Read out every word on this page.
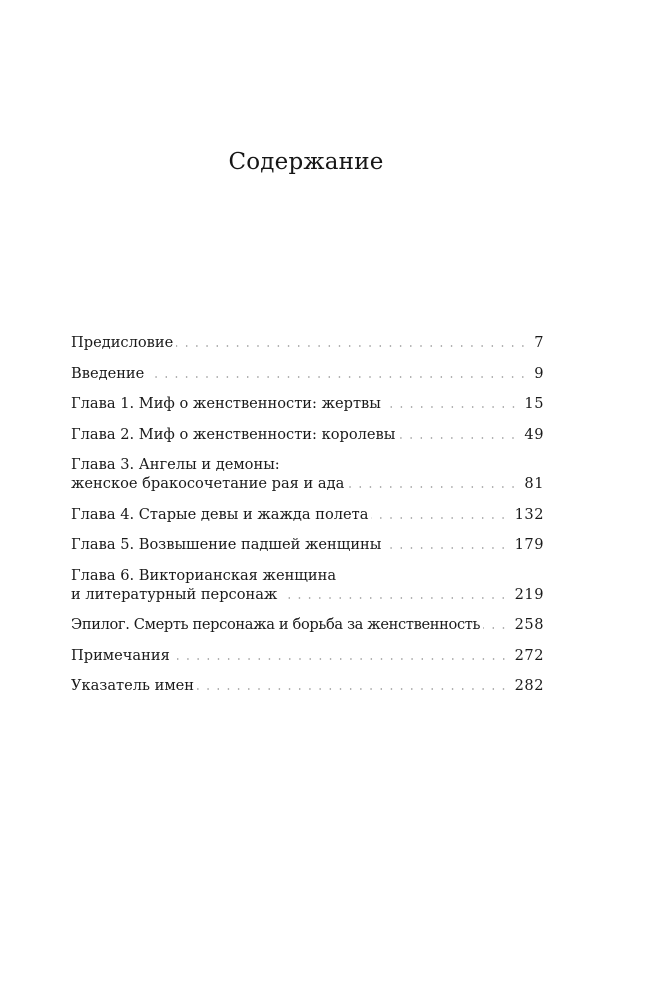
Содержание
Предисловие	7
Введение	9
Глава 1. Миф о женственности: жертвы	15
Глава 2. Миф о женственности: королевы	49
Глава 3. Ангелы и демоны:
женское бракосочетание рая и ада	81
Глава 4. Старые девы и жажда полета	132
Глава 5. Возвышение падшей женщины	179
Глава 6. Викторианская женщина
и литературный персонаж	219
Эпилог. Смерть персонажа и борьба за женственность 258
Примечания	272
Указатель имен	282
